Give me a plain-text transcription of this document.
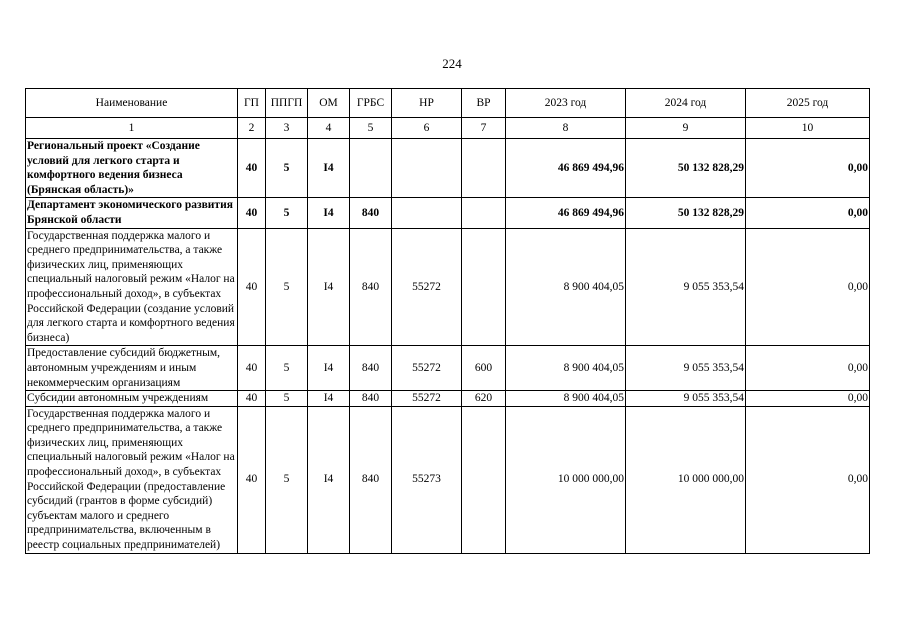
224
Наименование	ГП	ППГП	ОМ	ГРБС	НР	ВР	2023 год	2024 год	2025 год
1	2	3	4	5	6	7	8	9	10
Региональный проект «Создание условий для легкого старта и комфортного ведения бизнеса (Брянская область)»	40	5	I4				46 869 494,96	50 132 828,29	0,00
Департамент экономического развития Брянской области	40	5	I4	840			46 869 494,96	50 132 828,29	0,00
Государственная поддержка малого и среднего предпринимательства, а также физических лиц, применяющих специальный налоговый режим «Налог на профессиональный доход», в субъектах Российской Федерации (создание условий для легкого старта и комфортного ведения бизнеса)	40	5	I4	840	55272		8 900 404,05	9 055 353,54	0,00
Предоставление субсидий бюджетным, автономным учреждениям и иным некоммерческим организациям	40	5	I4	840	55272	600	8 900 404,05	9 055 353,54	0,00
Субсидии автономным учреждениям	40	5	I4	840	55272	620	8 900 404,05	9 055 353,54	0,00
Государственная поддержка малого и среднего предпринимательства, а также физических лиц, применяющих специальный налоговый режим «Налог на профессиональный доход», в субъектах Российской Федерации (предоставление субсидий (грантов в форме субсидий) субъектам малого и среднего предпринимательства, включенным в реестр социальных предпринимателей)	40	5	I4	840	55273		10 000 000,00	10 000 000,00	0,00
